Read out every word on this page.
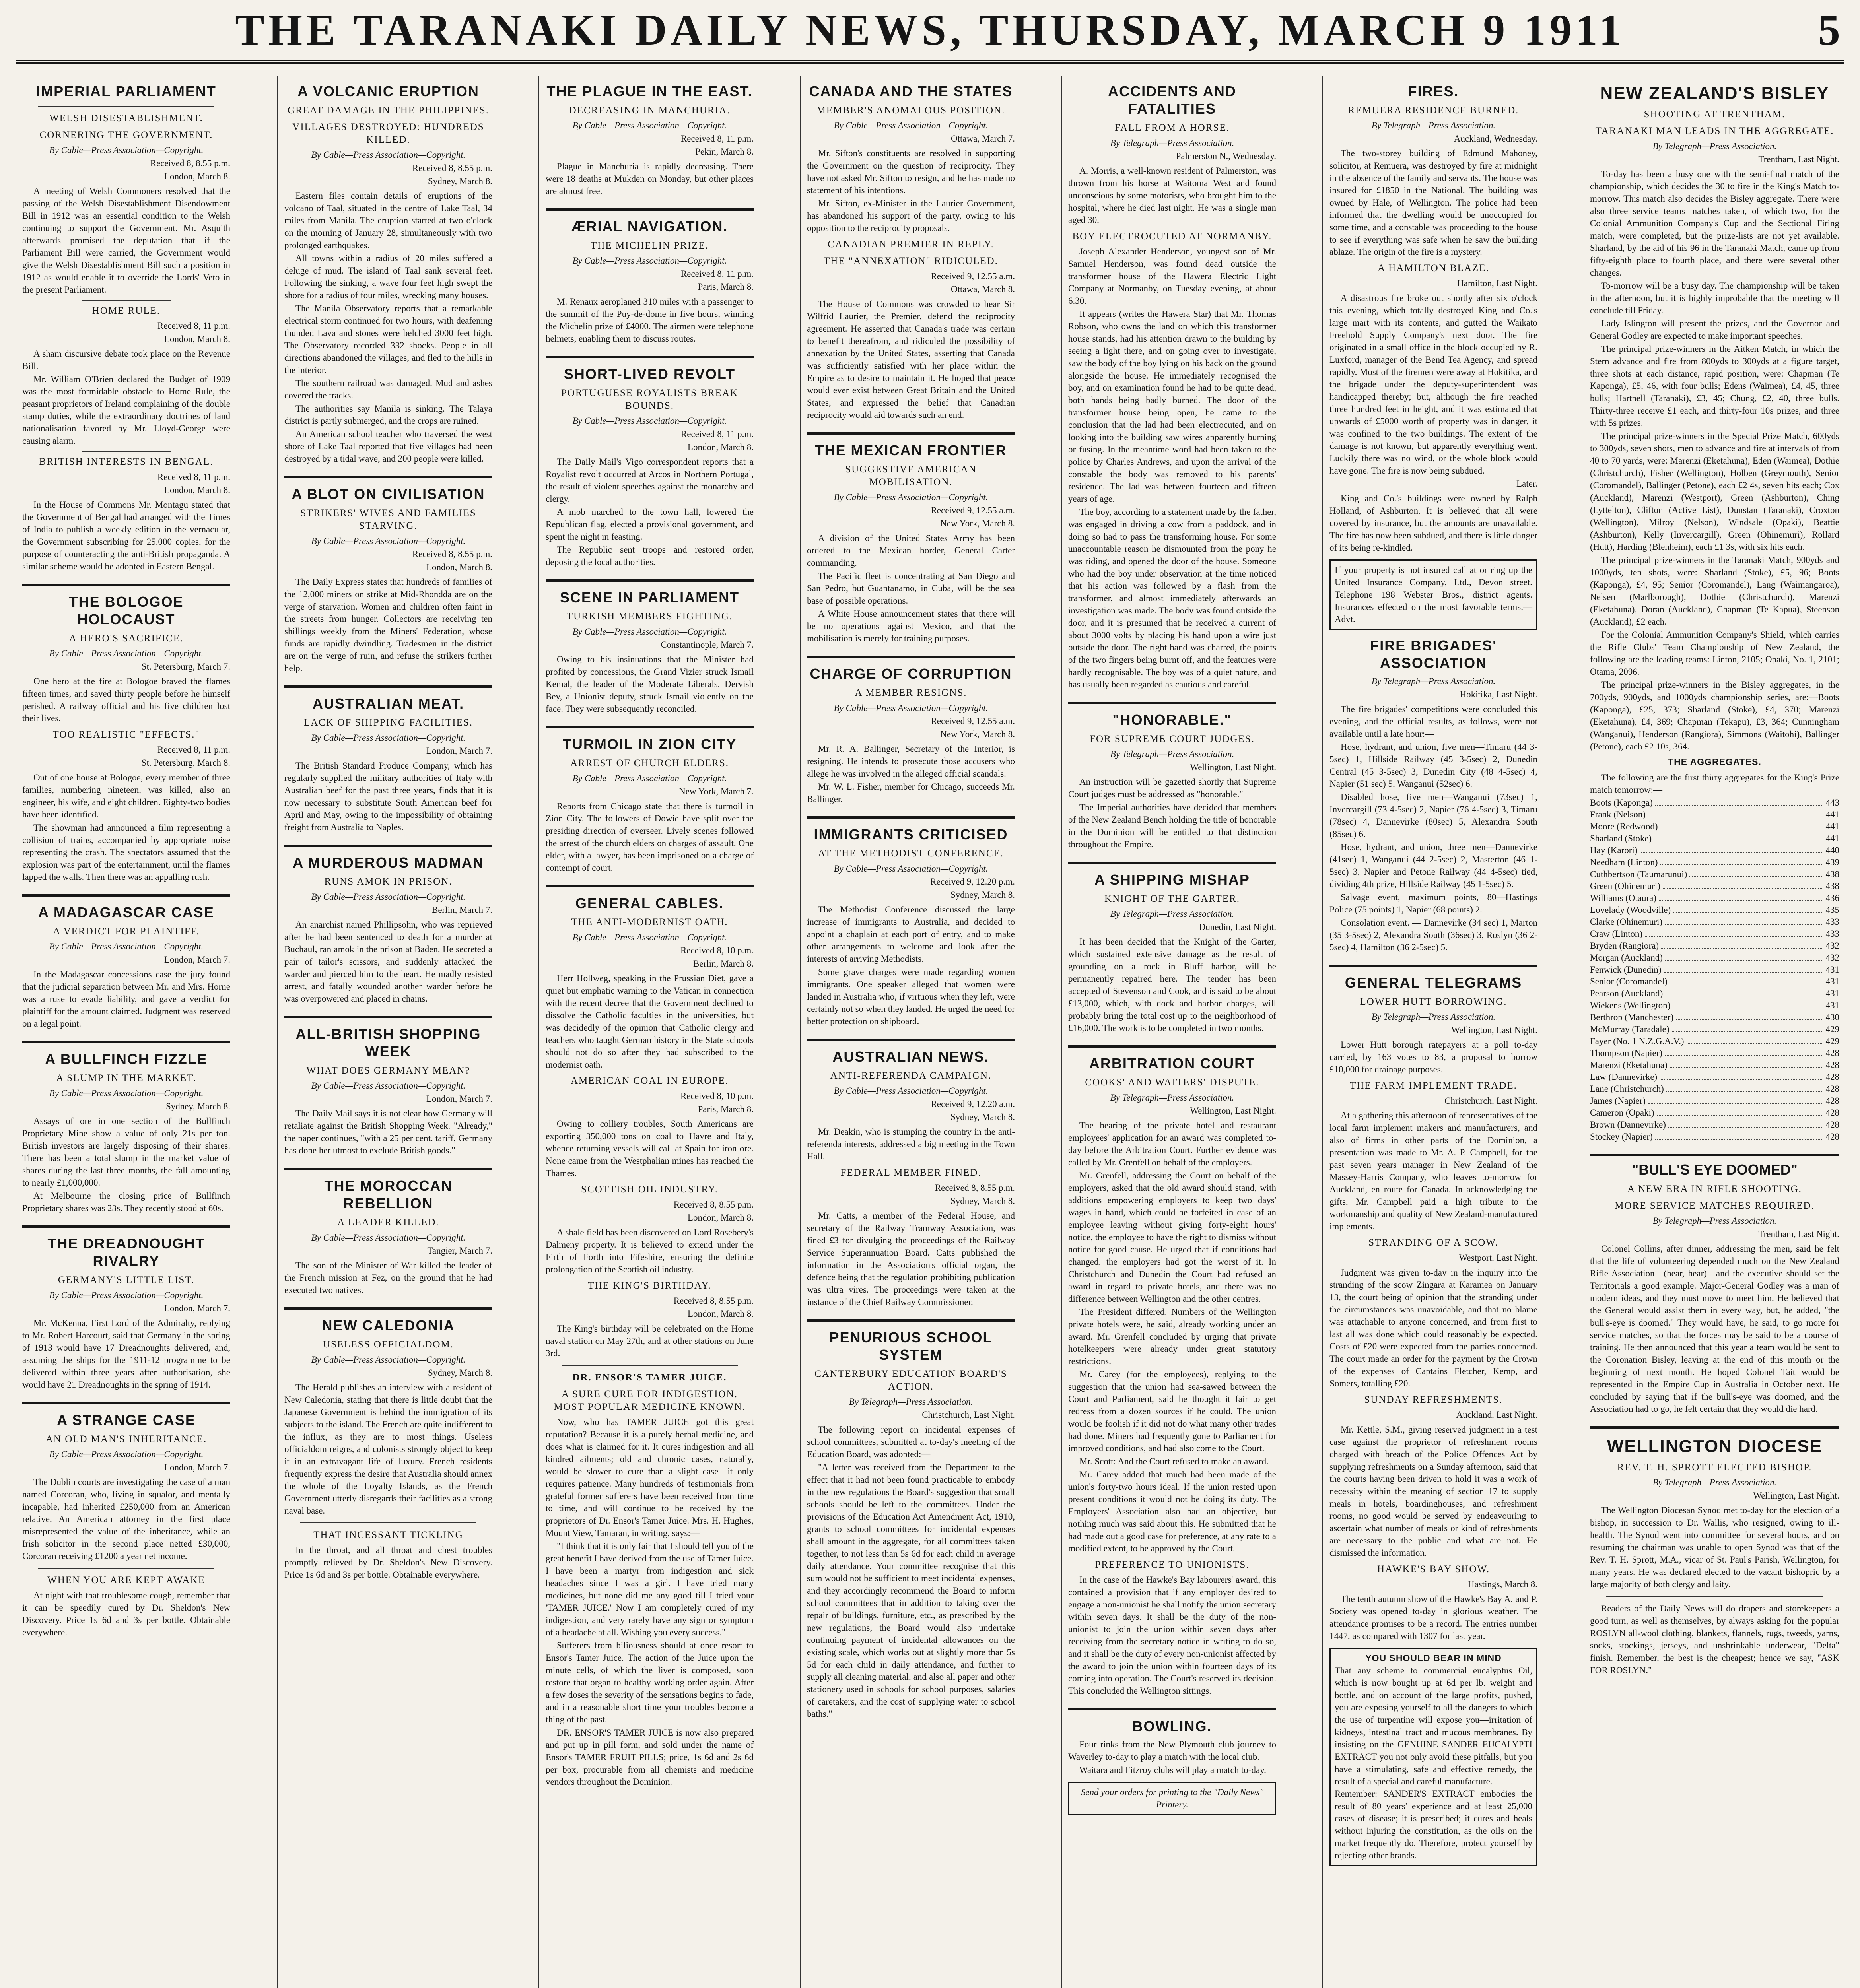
THE TARANAKI DAILY NEWS, THURSDAY, MARCH 9 1911	5
IMPERIAL PARLIAMENT
WELSH DISESTABLISHMENT.
CORNERING THE GOVERNMENT.
By Cable—Press Association—Copyright.
Received 8, 8.55 p.m.
London, March 8.

A meeting of Welsh Commoners resolved that the passing of the Welsh Disestablishment Disendowment Bill in 1912 was an essential condition to the Welsh continuing to support the Government. Mr. Asquith afterwards promised the deputation that if the Parliament Bill were carried, the Government would give the Welsh Disestablishment Bill such a position in 1912 as would enable it to override the Lords' Veto in the present Parliament.

HOME RULE.
Received 8, 11 p.m.
London, March 8.

A sham discursive debate took place on the Revenue Bill.

Mr. William O'Brien declared the Budget of 1909 was the most formidable obstacle to Home Rule, the peasant proprietors of Ireland complaining of the double stamp duties, while the extraordinary doctrines of land nationalisation favored by Mr. Lloyd-George were causing alarm.

BRITISH INTERESTS IN BENGAL.
Received 8, 11 p.m.
London, March 8.

In the House of Commons Mr. Montagu stated that the Government of Bengal had arranged with the Times of India to publish a weekly edition in the vernacular, the Government subscribing for 25,000 copies, for the purpose of counteracting the anti-British propaganda. A similar scheme would be adopted in Eastern Bengal.

THE BOLOGOE HOLOCAUST
A HERO'S SACRIFICE.
By Cable—Press Association—Copyright.
St. Petersburg, March 7.

One hero at the fire at Bologoe braved the flames fifteen times, and saved thirty people before he himself perished. A railway official and his five children lost their lives.

TOO REALISTIC "EFFECTS."
Received 8, 11 p.m.
St. Petersburg, March 8.

Out of one house at Bologoe, every member of three families, numbering nineteen, was killed, also an engineer, his wife, and eight children. Eighty-two bodies have been identified.

The showman had announced a film representing a collision of trains, accompanied by appropriate noise representing the crash. The spectators assumed that the explosion was part of the entertainment, until the flames lapped the walls. Then there was an appalling rush.

A MADAGASCAR CASE
A VERDICT FOR PLAINTIFF.
By Cable—Press Association—Copyright.
London, March 7.

In the Madagascar concessions case the jury found that the judicial separation between Mr. and Mrs. Horne was a ruse to evade liability, and gave a verdict for plaintiff for the amount claimed. Judgment was reserved on a legal point.

A BULLFINCH FIZZLE
A SLUMP IN THE MARKET.
By Cable—Press Association—Copyright.
Sydney, March 8.

Assays of ore in one section of the Bullfinch Proprietary Mine show a value of only 21s per ton. British investors are largely disposing of their shares. There has been a total slump in the market value of shares during the last three months, the fall amounting to nearly £1,000,000.

At Melbourne the closing price of Bullfinch Proprietary shares was 23s. They recently stood at 60s.

THE DREADNOUGHT RIVALRY
GERMANY'S LITTLE LIST.
By Cable—Press Association—Copyright.
London, March 7.

Mr. McKenna, First Lord of the Admiralty, replying to Mr. Robert Harcourt, said that Germany in the spring of 1913 would have 17 Dreadnoughts delivered, and, assuming the ships for the 1911-12 programme to be delivered within three years after authorisation, she would have 21 Dreadnoughts in the spring of 1914.

A STRANGE CASE
AN OLD MAN'S INHERITANCE.
By Cable—Press Association—Copyright.
London, March 7.

The Dublin courts are investigating the case of a man named Corcoran, who, living in squalor, and mentally incapable, had inherited £250,000 from an American relative. An American attorney in the first place misrepresented the value of the inheritance, while an Irish solicitor in the second place netted £30,000, Corcoran receiving £1200 a year net income.

WHEN YOU ARE KEPT AWAKE

At night with that troublesome cough, remember that it can be speedily cured by Dr. Sheldon's New Discovery. Price 1s 6d and 3s per bottle. Obtainable everywhere.

A VOLCANIC ERUPTION
GREAT DAMAGE IN THE PHILIPPINES.
VILLAGES DESTROYED: HUNDREDS KILLED.
By Cable—Press Association—Copyright.
Received 8, 8.55 p.m.
Sydney, March 8.

Eastern files contain details of eruptions of the volcano of Taal, situated in the centre of Lake Taal, 34 miles from Manila. The eruption started at two o'clock on the morning of January 28, simultaneously with two prolonged earthquakes.

All towns within a radius of 20 miles suffered a deluge of mud. The island of Taal sank several feet. Following the sinking, a wave four feet high swept the shore for a radius of four miles, wrecking many houses.

The Manila Observatory reports that a remarkable electrical storm continued for two hours, with deafening thunder. Lava and stones were belched 3000 feet high. The Observatory recorded 332 shocks. People in all directions abandoned the villages, and fled to the hills in the interior.

The southern railroad was damaged. Mud and ashes covered the tracks.

The authorities say Manila is sinking. The Talaya district is partly submerged, and the crops are ruined.

An American school teacher who traversed the west shore of Lake Taal reported that five villages had been destroyed by a tidal wave, and 200 people were killed.

A BLOT ON CIVILISATION
STRIKERS' WIVES AND FAMILIES STARVING.
By Cable—Press Association—Copyright.
Received 8, 8.55 p.m.
London, March 8.

The Daily Express states that hundreds of families of the 12,000 miners on strike at Mid-Rhondda are on the verge of starvation. Women and children often faint in the streets from hunger. Collectors are receiving ten shillings weekly from the Miners' Federation, whose funds are rapidly dwindling. Tradesmen in the district are on the verge of ruin, and refuse the strikers further help.

AUSTRALIAN MEAT.
LACK OF SHIPPING FACILITIES.
By Cable—Press Association—Copyright.
London, March 7.

The British Standard Produce Company, which has regularly supplied the military authorities of Italy with Australian beef for the past three years, finds that it is now necessary to substitute South American beef for April and May, owing to the impossibility of obtaining freight from Australia to Naples.

A MURDEROUS MADMAN
RUNS AMOK IN PRISON.
By Cable—Press Association—Copyright.
Berlin, March 7.

An anarchist named Phillipsohn, who was reprieved after he had been sentenced to death for a murder at Buchaul, ran amok in the prison at Baden. He secreted a pair of tailor's scissors, and suddenly attacked the warder and pierced him to the heart. He madly resisted arrest, and fatally wounded another warder before he was overpowered and placed in chains.

ALL-BRITISH SHOPPING WEEK
WHAT DOES GERMANY MEAN?
By Cable—Press Association—Copyright.
London, March 7.

The Daily Mail says it is not clear how Germany will retaliate against the British Shopping Week. "Already," the paper continues, "with a 25 per cent. tariff, Germany has done her utmost to exclude British goods."

THE MOROCCAN REBELLION
A LEADER KILLED.
By Cable—Press Association—Copyright.
Tangier, March 7.

The son of the Minister of War killed the leader of the French mission at Fez, on the ground that he had executed two natives.

NEW CALEDONIA
USELESS OFFICIALDOM.
By Cable—Press Association—Copyright.
Sydney, March 8.

The Herald publishes an interview with a resident of New Caledonia, stating that there is little doubt that the Japanese Government is behind the immigration of its subjects to the island. The French are quite indifferent to the influx, as they are to most things. Useless officialdom reigns, and colonists strongly object to keep it in an extravagant life of luxury. French residents frequently express the desire that Australia should annex the whole of the Loyalty Islands, as the French Government utterly disregards their facilities as a strong naval base.

THAT INCESSANT TICKLING

In the throat, and all throat and chest troubles promptly relieved by Dr. Sheldon's New Discovery. Price 1s 6d and 3s per bottle. Obtainable everywhere.

THE PLAGUE IN THE EAST.
DECREASING IN MANCHURIA.
By Cable—Press Association—Copyright.
Received 8, 11 p.m.
Pekin, March 8.

Plague in Manchuria is rapidly decreasing. There were 18 deaths at Mukden on Monday, but other places are almost free.

ÆRIAL NAVIGATION.
THE MICHELIN PRIZE.
By Cable—Press Association—Copyright.
Received 8, 11 p.m.
Paris, March 8.

M. Renaux aeroplaned 310 miles with a passenger to the summit of the Puy-de-dome in five hours, winning the Michelin prize of £4000. The airmen were telephone helmets, enabling them to discuss routes.

SHORT-LIVED REVOLT
PORTUGUESE ROYALISTS BREAK BOUNDS.
By Cable—Press Association—Copyright.
Received 8, 11 p.m.
London, March 8.

The Daily Mail's Vigo correspondent reports that a Royalist revolt occurred at Arcos in Northern Portugal, the result of violent speeches against the monarchy and clergy.

A mob marched to the town hall, lowered the Republican flag, elected a provisional government, and spent the night in feasting.

The Republic sent troops and restored order, deposing the local authorities.

SCENE IN PARLIAMENT
TURKISH MEMBERS FIGHTING.
By Cable—Press Association—Copyright.
Constantinople, March 7.

Owing to his insinuations that the Minister had profited by concessions, the Grand Vizier struck Ismail Kemal, the leader of the Moderate Liberals. Dervish Bey, a Unionist deputy, struck Ismail violently on the face. They were subsequently reconciled.

TURMOIL IN ZION CITY
ARREST OF CHURCH ELDERS.
By Cable—Press Association—Copyright.
New York, March 7.

Reports from Chicago state that there is turmoil in Zion City. The followers of Dowie have split over the presiding direction of overseer. Lively scenes followed the arrest of the church elders on charges of assault. One elder, with a lawyer, has been imprisoned on a charge of contempt of court.

GENERAL CABLES.
THE ANTI-MODERNIST OATH.
By Cable—Press Association—Copyright.
Received 8, 10 p.m.
Berlin, March 8.

Herr Hollweg, speaking in the Prussian Diet, gave a quiet but emphatic warning to the Vatican in connection with the recent decree that the Government declined to dissolve the Catholic faculties in the universities, but was decidedly of the opinion that Catholic clergy and teachers who taught German history in the State schools should not do so after they had subscribed to the modernist oath.

AMERICAN COAL IN EUROPE.
Received 8, 10 p.m.
Paris, March 8.

Owing to colliery troubles, South Americans are exporting 350,000 tons on coal to Havre and Italy, whence returning vessels will call at Spain for iron ore. None came from the Westphalian mines has reached the Thames.

SCOTTISH OIL INDUSTRY.
Received 8, 8.55 p.m.
London, March 8.

A shale field has been discovered on Lord Rosebery's Dalmeny property. It is believed to extend under the Firth of Forth into Fifeshire, ensuring the definite prolongation of the Scottish oil industry.

THE KING'S BIRTHDAY.
Received 8, 8.55 p.m.
London, March 8.

The King's birthday will be celebrated on the Home naval station on May 27th, and at other stations on June 3rd.

DR. ENSOR'S TAMER JUICE.
A SURE CURE FOR INDIGESTION. MOST POPULAR MEDICINE KNOWN.

Now, who has TAMER JUICE got this great reputation? Because it is a purely herbal medicine, and does what is claimed for it. It cures indigestion and all kindred ailments; old and chronic cases, naturally, would be slower to cure than a slight case—it only requires patience. Many hundreds of testimonials from grateful former sufferers have been received from time to time, and will continue to be received by the proprietors of Dr. Ensor's Tamer Juice. Mrs. H. Hughes, Mount View, Tamaran, in writing, says:—

"I think that it is only fair that I should tell you of the great benefit I have derived from the use of Tamer Juice. I have been a martyr from indigestion and sick headaches since I was a girl. I have tried many medicines, but none did me any good till I tried your 'TAMER JUICE.' Now I am completely cured of my indigestion, and very rarely have any sign or symptom of a headache at all. Wishing you every success."

Sufferers from biliousness should at once resort to Ensor's Tamer Juice. The action of the Juice upon the minute cells, of which the liver is composed, soon restore that organ to healthy working order again. After a few doses the severity of the sensations begins to fade, and in a reasonable short time your troubles become a thing of the past.

DR. ENSOR'S TAMER JUICE is now also prepared and put up in pill form, and sold under the name of Ensor's TAMER FRUIT PILLS; price, 1s 6d and 2s 6d per box, procurable from all chemists and medicine vendors throughout the Dominion.

CANADA AND THE STATES
MEMBER'S ANOMALOUS POSITION.
By Cable—Press Association—Copyright.
Ottawa, March 7.

Mr. Sifton's constituents are resolved in supporting the Government on the question of reciprocity. They have not asked Mr. Sifton to resign, and he has made no statement of his intentions.

Mr. Sifton, ex-Minister in the Laurier Government, has abandoned his support of the party, owing to his opposition to the reciprocity proposals.

CANADIAN PREMIER IN REPLY.
THE "ANNEXATION" RIDICULED.
Received 9, 12.55 a.m.
Ottawa, March 8.

The House of Commons was crowded to hear Sir Wilfrid Laurier, the Premier, defend the reciprocity agreement. He asserted that Canada's trade was certain to benefit thereafrom, and ridiculed the possibility of annexation by the United States, asserting that Canada was sufficiently satisfied with her place within the Empire as to desire to maintain it. He hoped that peace would ever exist between Great Britain and the United States, and expressed the belief that Canadian reciprocity would aid towards such an end.

THE MEXICAN FRONTIER
SUGGESTIVE AMERICAN MOBILISATION.
By Cable—Press Association—Copyright.
Received 9, 12.55 a.m.
New York, March 8.

A division of the United States Army has been ordered to the Mexican border, General Carter commanding.

The Pacific fleet is concentrating at San Diego and San Pedro, but Guantanamo, in Cuba, will be the sea base of possible operations.

A White House announcement states that there will be no operations against Mexico, and that the mobilisation is merely for training purposes.

CHARGE OF CORRUPTION
A MEMBER RESIGNS.
By Cable—Press Association—Copyright.
Received 9, 12.55 a.m.
New York, March 8.

Mr. R. A. Ballinger, Secretary of the Interior, is resigning. He intends to prosecute those accusers who allege he was involved in the alleged official scandals.

Mr. W. L. Fisher, member for Chicago, succeeds Mr. Ballinger.

IMMIGRANTS CRITICISED
AT THE METHODIST CONFERENCE.
By Cable—Press Association—Copyright.
Received 9, 12.20 p.m.
Sydney, March 8.

The Methodist Conference discussed the large increase of immigrants to Australia, and decided to appoint a chaplain at each port of entry, and to make other arrangements to welcome and look after the interests of arriving Methodists.

Some grave charges were made regarding women immigrants. One speaker alleged that women were landed in Australia who, if virtuous when they left, were certainly not so when they landed. He urged the need for better protection on shipboard.

AUSTRALIAN NEWS.
ANTI-REFERENDA CAMPAIGN.
By Cable—Press Association—Copyright.
Received 9, 12.20 a.m.
Sydney, March 8.

Mr. Deakin, who is stumping the country in the anti-referenda interests, addressed a big meeting in the Town Hall.

FEDERAL MEMBER FINED.
Received 8, 8.55 p.m.
Sydney, March 8.

Mr. Catts, a member of the Federal House, and secretary of the Railway Tramway Association, was fined £3 for divulging the proceedings of the Railway Service Superannuation Board. Catts published the information in the Association's official organ, the defence being that the regulation prohibiting publication was ultra vires. The proceedings were taken at the instance of the Chief Railway Commissioner.

PENURIOUS SCHOOL SYSTEM
CANTERBURY EDUCATION BOARD'S ACTION.
By Telegraph—Press Association.
Christchurch, Last Night.

The following report on incidental expenses of school committees, submitted at to-day's meeting of the Education Board, was adopted:—

"A letter was received from the Department to the effect that it had not been found practicable to embody in the new regulations the Board's suggestion that small schools should be left to the committees. Under the provisions of the Education Act Amendment Act, 1910, grants to school committees for incidental expenses shall amount in the aggregate, for all committees taken together, to not less than 5s 6d for each child in average daily attendance. Your committee recognise that this sum would not be sufficient to meet incidental expenses, and they accordingly recommend the Board to inform school committees that in addition to taking over the repair of buildings, furniture, etc., as prescribed by the new regulations, the Board would also undertake continuing payment of incidental allowances on the existing scale, which works out at slightly more than 5s 5d for each child in daily attendance, and further to supply all cleaning material, and also all paper and other stationery used in schools for school purposes, salaries of caretakers, and the cost of supplying water to school baths."

ACCIDENTS AND FATALITIES
FALL FROM A HORSE.
By Telegraph—Press Association.
Palmerston N., Wednesday.

A. Morris, a well-known resident of Palmerston, was thrown from his horse at Waitoma West and found unconscious by some motorists, who brought him to the hospital, where he died last night. He was a single man aged 30.

BOY ELECTROCUTED AT NORMANBY.

Joseph Alexander Henderson, youngest son of Mr. Samuel Henderson, was found dead outside the transformer house of the Hawera Electric Light Company at Normanby, on Tuesday evening, at about 6.30.

It appears (writes the Hawera Star) that Mr. Thomas Robson, who owns the land on which this transformer house stands, had his attention drawn to the building by seeing a light there, and on going over to investigate, saw the body of the boy lying on his back on the ground alongside the house. He immediately recognised the boy, and on examination found he had to be quite dead, both hands being badly burned. The door of the transformer house being open, he came to the conclusion that the lad had been electrocuted, and on looking into the building saw wires apparently burning or fusing. In the meantime word had been taken to the police by Charles Andrews, and upon the arrival of the constable the body was removed to his parents' residence. The lad was between fourteen and fifteen years of age.

The boy, according to a statement made by the father, was engaged in driving a cow from a paddock, and in doing so had to pass the transforming house. For some unaccountable reason he dismounted from the pony he was riding, and opened the door of the house. Someone who had the boy under observation at the time noticed that his action was followed by a flash from the transformer, and almost immediately afterwards an investigation was made. The body was found outside the door, and it is presumed that he received a current of about 3000 volts by placing his hand upon a wire just outside the door. The right hand was charred, the points of the two fingers being burnt off, and the features were hardly recognisable. The boy was of a quiet nature, and has usually been regarded as cautious and careful.

"HONORABLE."
FOR SUPREME COURT JUDGES.
By Telegraph—Press Association.
Wellington, Last Night.

An instruction will be gazetted shortly that Supreme Court judges must be addressed as "honorable."

The Imperial authorities have decided that members of the New Zealand Bench holding the title of honorable in the Dominion will be entitled to that distinction throughout the Empire.

A SHIPPING MISHAP
KNIGHT OF THE GARTER.
By Telegraph—Press Association.
Dunedin, Last Night.

It has been decided that the Knight of the Garter, which sustained extensive damage as the result of grounding on a rock in Bluff harbor, will be permanently repaired here. The tender has been accepted of Stevenson and Cook, and is said to be about £13,000, which, with dock and harbor charges, will probably bring the total cost up to the neighborhood of £16,000. The work is to be completed in two months.

ARBITRATION COURT
COOKS' AND WAITERS' DISPUTE.
By Telegraph—Press Association.
Wellington, Last Night.

The hearing of the private hotel and restaurant employees' application for an award was completed to-day before the Arbitration Court. Further evidence was called by Mr. Grenfell on behalf of the employers.

Mr. Grenfell, addressing the Court on behalf of the employers, asked that the old award should stand, with additions empowering employers to keep two days' wages in hand, which could be forfeited in case of an employee leaving without giving forty-eight hours' notice, the employee to have the right to dismiss without notice for good cause. He urged that if conditions had changed, the employers had got the worst of it. In Christchurch and Dunedin the Court had refused an award in regard to private hotels, and there was no difference between Wellington and the other centres.

The President differed. Numbers of the Wellington private hotels were, he said, already working under an award. Mr. Grenfell concluded by urging that private hotelkeepers were already under great statutory restrictions.

Mr. Carey (for the employees), replying to the suggestion that the union had sea-sawed between the Court and Parliament, said he thought it fair to get redress from a dozen sources if he could. The union would be foolish if it did not do what many other trades had done. Miners had frequently gone to Parliament for improved conditions, and had also come to the Court.

Mr. Scott: And the Court refused to make an award.

Mr. Carey added that much had been made of the union's forty-two hours ideal. If the union rested upon present conditions it would not be doing its duty. The Employers' Association also had an objective, but nothing much was said about this. He submitted that he had made out a good case for preference, at any rate to a modified extent, to be approved by the Court.

PREFERENCE TO UNIONISTS.

In the case of the Hawke's Bay labourers' award, this contained a provision that if any employer desired to engage a non-unionist he shall notify the union secretary within seven days. It shall be the duty of the non-unionist to join the union within seven days after receiving from the secretary notice in writing to do so, and it shall be the duty of every non-unionist affected by the award to join the union within fourteen days of its coming into operation. The Court's reserved its decision. This concluded the Wellington sittings.

BOWLING.

Four rinks from the New Plymouth club journey to Waverley to-day to play a match with the local club.

Waitara and Fitzroy clubs will play a match to-day.

Send your orders for printing to the "Daily News" Printery.
FIRES.
REMUERA RESIDENCE BURNED.
By Telegraph—Press Association.
Auckland, Wednesday.

The two-storey building of Edmund Mahoney, solicitor, at Remuera, was destroyed by fire at midnight in the absence of the family and servants. The house was insured for £1850 in the National. The building was owned by Hale, of Wellington. The police had been informed that the dwelling would be unoccupied for some time, and a constable was proceeding to the house to see if everything was safe when he saw the building ablaze. The origin of the fire is a mystery.

A HAMILTON BLAZE.
Hamilton, Last Night.

A disastrous fire broke out shortly after six o'clock this evening, which totally destroyed King and Co.'s large mart with its contents, and gutted the Waikato Freehold Supply Company's next door. The fire originated in a small office in the block occupied by R. Luxford, manager of the Bend Tea Agency, and spread rapidly. Most of the firemen were away at Hokitika, and the brigade under the deputy-superintendent was handicapped thereby; but, although the fire reached three hundred feet in height, and it was estimated that upwards of £5000 worth of property was in danger, it was confined to the two buildings. The extent of the damage is not known, but apparently everything went. Luckily there was no wind, or the whole block would have gone. The fire is now being subdued.

Later.

King and Co.'s buildings were owned by Ralph Holland, of Ashburton. It is believed that all were covered by insurance, but the amounts are unavailable. The fire has now been subdued, and there is little danger of its being re-kindled.

If your property is not insured call at or ring up the United Insurance Company, Ltd., Devon street. Telephone 198 Webster Bros., district agents. Insurances effected on the most favorable terms.—Advt.
FIRE BRIGADES' ASSOCIATION
By Telegraph—Press Association.
Hokitika, Last Night.

The fire brigades' competitions were concluded this evening, and the official results, as follows, were not available until a late hour:—

Hose, hydrant, and union, five men—Timaru (44 3-5sec) 1, Hillside Railway (45 3-5sec) 2, Dunedin Central (45 3-5sec) 3, Dunedin City (48 4-5sec) 4, Napier (51 sec) 5, Wanganui (52sec) 6.

Disabled hose, five men—Wanganui (73sec) 1, Invercargill (73 4-5sec) 2, Napier (76 4-5sec) 3, Timaru (78sec) 4, Dannevirke (80sec) 5, Alexandra South (85sec) 6.

Hose, hydrant, and union, three men—Dannevirke (41sec) 1, Wanganui (44 2-5sec) 2, Masterton (46 1-5sec) 3, Napier and Petone Railway (44 4-5sec) tied, dividing 4th prize, Hillside Railway (45 1-5sec) 5.

Salvage event, maximum points, 80—Hastings Police (75 points) 1, Napier (68 points) 2.

Consolation event. — Dannevirke (34 sec) 1, Marton (35 3-5sec) 2, Alexandra South (36sec) 3, Roslyn (36 2-5sec) 4, Hamilton (36 2-5sec) 5.

GENERAL TELEGRAMS
LOWER HUTT BORROWING.
By Telegraph—Press Association.
Wellington, Last Night.

Lower Hutt borough ratepayers at a poll to-day carried, by 163 votes to 83, a proposal to borrow £10,000 for drainage purposes.

THE FARM IMPLEMENT TRADE.
Christchurch, Last Night.

At a gathering this afternoon of representatives of the local farm implement makers and manufacturers, and also of firms in other parts of the Dominion, a presentation was made to Mr. A. P. Campbell, for the past seven years manager in New Zealand of the Massey-Harris Company, who leaves to-morrow for Auckland, en route for Canada. In acknowledging the gifts, Mr. Campbell paid a high tribute to the workmanship and quality of New Zealand-manufactured implements.

STRANDING OF A SCOW.
Westport, Last Night.

Judgment was given to-day in the inquiry into the stranding of the scow Zingara at Karamea on January 13, the court being of opinion that the stranding under the circumstances was unavoidable, and that no blame was attachable to anyone concerned, and from first to last all was done which could reasonably be expected. Costs of £20 were expected from the parties concerned. The court made an order for the payment by the Crown of the expenses of Captains Fletcher, Kemp, and Somers, totalling £20.

SUNDAY REFRESHMENTS.
Auckland, Last Night.

Mr. Kettle, S.M., giving reserved judgment in a test case against the proprietor of refreshment rooms charged with breach of the Police Offences Act by supplying refreshments on a Sunday afternoon, said that the courts having been driven to hold it was a work of necessity within the meaning of section 17 to supply meals in hotels, boardinghouses, and refreshment rooms, no good would be served by endeavouring to ascertain what number of meals or kind of refreshments are necessary to the public and what are not. He dismissed the information.

HAWKE'S BAY SHOW.
Hastings, March 8.

The tenth autumn show of the Hawke's Bay A. and P. Society was opened to-day in glorious weather. The attendance promises to be a record. The entries number 1447, as compared with 1307 for last year.

YOU SHOULD BEAR IN MIND
That any scheme to commercial eucalyptus Oil, which is now bought up at 6d per lb. weight and bottle, and on account of the large profits, pushed, you are exposing yourself to all the dangers to which the use of turpentine will expose you—irritation of kidneys, intestinal tract and mucous membranes. By insisting on the GENUINE SANDER EUCALYPTI EXTRACT you not only avoid these pitfalls, but you have a stimulating, safe and effective remedy, the result of a special and careful manufacture.
Remember: SANDER'S EXTRACT embodies the result of 80 years' experience and at least 25,000 cases of disease; it is prescribed; it cures and heals without injuring the constitution, as the oils on the market frequently do. Therefore, protect yourself by rejecting other brands.
NEW ZEALAND'S BISLEY
SHOOTING AT TRENTHAM.
TARANAKI MAN LEADS IN THE AGGREGATE.
By Telegraph—Press Association.
Trentham, Last Night.

To-day has been a busy one with the semi-final match of the championship, which decides the 30 to fire in the King's Match to-morrow. This match also decides the Bisley aggregate. There were also three service teams matches taken, of which two, for the Colonial Ammunition Company's Cup and the Sectional Firing match, were completed, but the prize-lists are not yet available. Sharland, by the aid of his 96 in the Taranaki Match, came up from fifty-eighth place to fourth place, and there were several other changes.

To-morrow will be a busy day. The championship will be taken in the afternoon, but it is highly improbable that the meeting will conclude till Friday.

Lady Islington will present the prizes, and the Governor and General Godley are expected to make important speeches.

The principal prize-winners in the Aitken Match, in which the Stern advance and fire from 800yds to 300yds at a figure target, three shots at each distance, rapid position, were: Chapman (Te Kaponga), £5, 46, with four bulls; Edens (Waimea), £4, 45, three bulls; Hartnell (Taranaki), £3, 45; Chung, £2, 40, three bulls. Thirty-three receive £1 each, and thirty-four 10s prizes, and three with 5s prizes.

The principal prize-winners in the Special Prize Match, 600yds to 300yds, seven shots, men to advance and fire at intervals of from 40 to 70 yards, were: Marenzi (Eketahuna), Eden (Waimea), Dothie (Christchurch), Fisher (Wellington), Holben (Greymouth), Senior (Coromandel), Ballinger (Petone), each £2 4s, seven hits each; Cox (Auckland), Marenzi (Westport), Green (Ashburton), Ching (Lyttelton), Clifton (Active List), Dunstan (Taranaki), Croxton (Wellington), Milroy (Nelson), Windsale (Opaki), Beattie (Ashburton), Kelly (Invercargill), Green (Ohinemuri), Rollard (Hutt), Harding (Blenheim), each £1 3s, with six hits each.

The principal prize-winners in the Taranaki Match, 900yds and 1000yds, ten shots, were: Sharland (Stoke), £5, 96; Boots (Kaponga), £4, 95; Senior (Coromandel), Lang (Waimangaroa), Nelsen (Marlborough), Dothie (Christchurch), Marenzi (Eketahuna), Doran (Auckland), Chapman (Te Kapua), Steenson (Auckland), £2 each.

For the Colonial Ammunition Company's Shield, which carries the Rifle Clubs' Team Championship of New Zealand, the following are the leading teams: Linton, 2105; Opaki, No. 1, 2101; Otama, 2096.

The principal prize-winners in the Bisley aggregates, in the 700yds, 900yds, and 1000yds championship series, are:—Boots (Kaponga), £25, 373; Sharland (Stoke), £4, 370; Marenzi (Eketahuna), £4, 369; Chapman (Tekapu), £3, 364; Cunningham (Wanganui), Henderson (Rangiora), Simmons (Waitohi), Ballinger (Petone), each £2 10s, 364.

THE AGGREGATES.

The following are the first thirty aggregates for the King's Prize match tomorrow:—

Boots (Kaponga)	443
Frank (Nelson)	441
Moore (Redwood)	441
Sharland (Stoke)	441
Hay (Karori)	440
Needham (Linton)	439
Cuthbertson (Taumarunui)	438
Green (Ohinemuri)	438
Williams (Otaura)	436
Lovelady (Woodville)	435
Clarke (Ohinemuri)	433
Craw (Linton)	433
Bryden (Rangiora)	432
Morgan (Auckland)	432
Fenwick (Dunedin)	431
Senior (Coromandel)	431
Pearson (Auckland)	431
Wiekens (Wellington)	431
Berthrop (Manchester)	430
McMurray (Taradale)	429
Fayer (No. 1 N.Z.G.A.V.)	429
Thompson (Napier)	428
Marenzi (Eketahuna)	428
Law (Dannevirke)	428
Lane (Christchurch)	428
James (Napier)	428
Cameron (Opaki)	428
Brown (Dannevirke)	428
Stockey (Napier)	428
"BULL'S EYE DOOMED"
A NEW ERA IN RIFLE SHOOTING.
MORE SERVICE MATCHES REQUIRED.
By Telegraph—Press Association.
Trentham, Last Night.

Colonel Collins, after dinner, addressing the men, said he felt that the life of volunteering depended much on the New Zealand Rifle Association—(hear, hear)—and the executive should set the Territorials a good example. Major-General Godley was a man of modern ideas, and they must move to meet him. He believed that the General would assist them in every way, but, he added, "the bull's-eye is doomed." They would have, he said, to go more for service matches, so that the forces may be said to be a course of training. He then announced that this year a team would be sent to the Coronation Bisley, leaving at the end of this month or the beginning of next month. He hoped Colonel Tait would be represented in the Empire Cup in Australia in October next. He concluded by saying that if the bull's-eye was doomed, and the Association had to go, he felt certain that they would die hard.

WELLINGTON DIOCESE
REV. T. H. SPROTT ELECTED BISHOP.
By Telegraph—Press Association.
Wellington, Last Night.

The Wellington Diocesan Synod met to-day for the election of a bishop, in succession to Dr. Wallis, who resigned, owing to ill-health. The Synod went into committee for several hours, and on resuming the chairman was unable to open Synod was that of the Rev. T. H. Sprott, M.A., vicar of St. Paul's Parish, Wellington, for many years. He was declared elected to the vacant bishopric by a large majority of both clergy and laity.

Readers of the Daily News will do drapers and storekeepers a good turn, as well as themselves, by always asking for the popular ROSLYN all-wool clothing, blankets, flannels, rugs, tweeds, yarns, socks, stockings, jerseys, and unshrinkable underwear, "Delta" finish. Remember, the best is the cheapest; hence we say, "ASK FOR ROSLYN."
